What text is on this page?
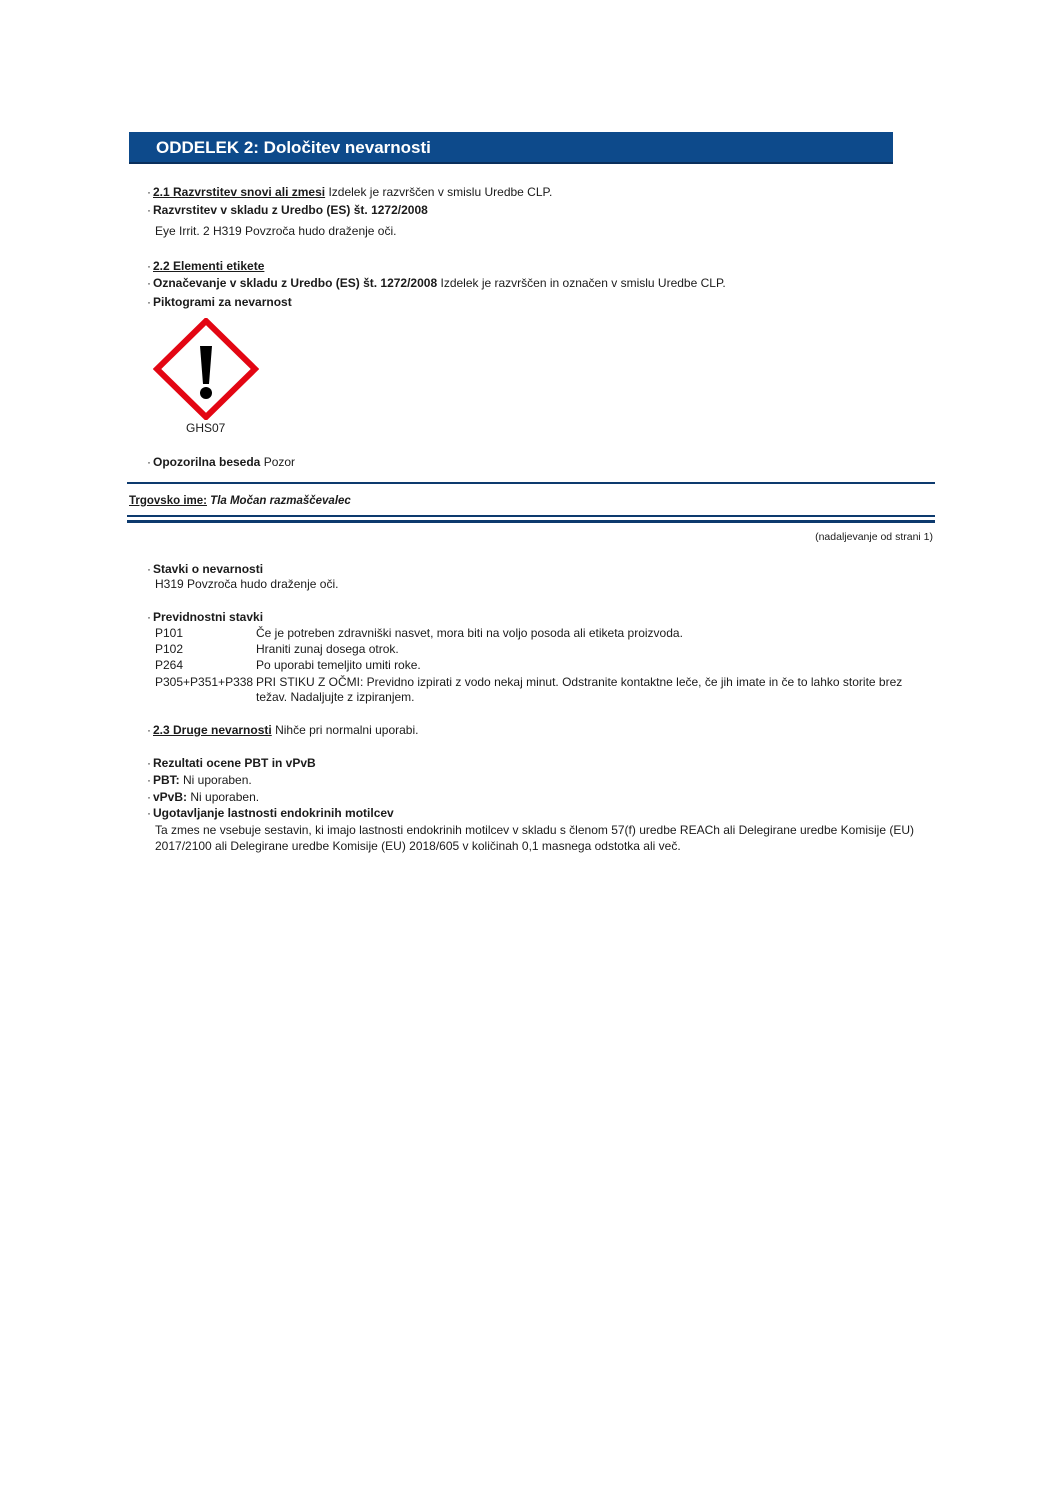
ODDELEK 2: Določitev nevarnosti
· 2.1 Razvrstitev snovi ali zmesi Izdelek je razvrščen v smislu Uredbe CLP.
· Razvrstitev v skladu z Uredbo (ES) št. 1272/2008
Eye Irrit. 2 H319 Povzroča hudo draženje oči.
· 2.2 Elementi etikete
· Označevanje v skladu z Uredbo (ES) št. 1272/2008 Izdelek je razvrščen in označen v smislu Uredbe CLP.
· Piktogrami za nevarnost
GHS07
· Opozorilna beseda Pozor
Trgovsko ime: Tla Močan razmaščevalec
(nadaljevanje od strani 1)
· Stavki o nevarnosti
H319 Povzroča hudo draženje oči.
· Previdnostni stavki
P101	Če je potreben zdravniški nasvet, mora biti na voljo posoda ali etiketa proizvoda.
P102	Hraniti zunaj dosega otrok.
P264	Po uporabi temeljito umiti roke.
P305+P351+P338 PRI STIKU Z OČMI: Previdno izpirati z vodo nekaj minut. Odstranite kontaktne leče, če jih imate in če to lahko storite brez težav. Nadaljujte z izpiranjem.
· 2.3 Druge nevarnosti Nihče pri normalni uporabi.
· Rezultati ocene PBT in vPvB
· PBT: Ni uporaben.
· vPvB: Ni uporaben.
· Ugotavljanje lastnosti endokrinih motilcev
Ta zmes ne vsebuje sestavin, ki imajo lastnosti endokrinih motilcev v skladu s členom 57(f) uredbe REACh ali Delegirane uredbe Komisije (EU) 2017/2100 ali Delegirane uredbe Komisije (EU) 2018/605 v količinah 0,1 masnega odstotka ali več.
